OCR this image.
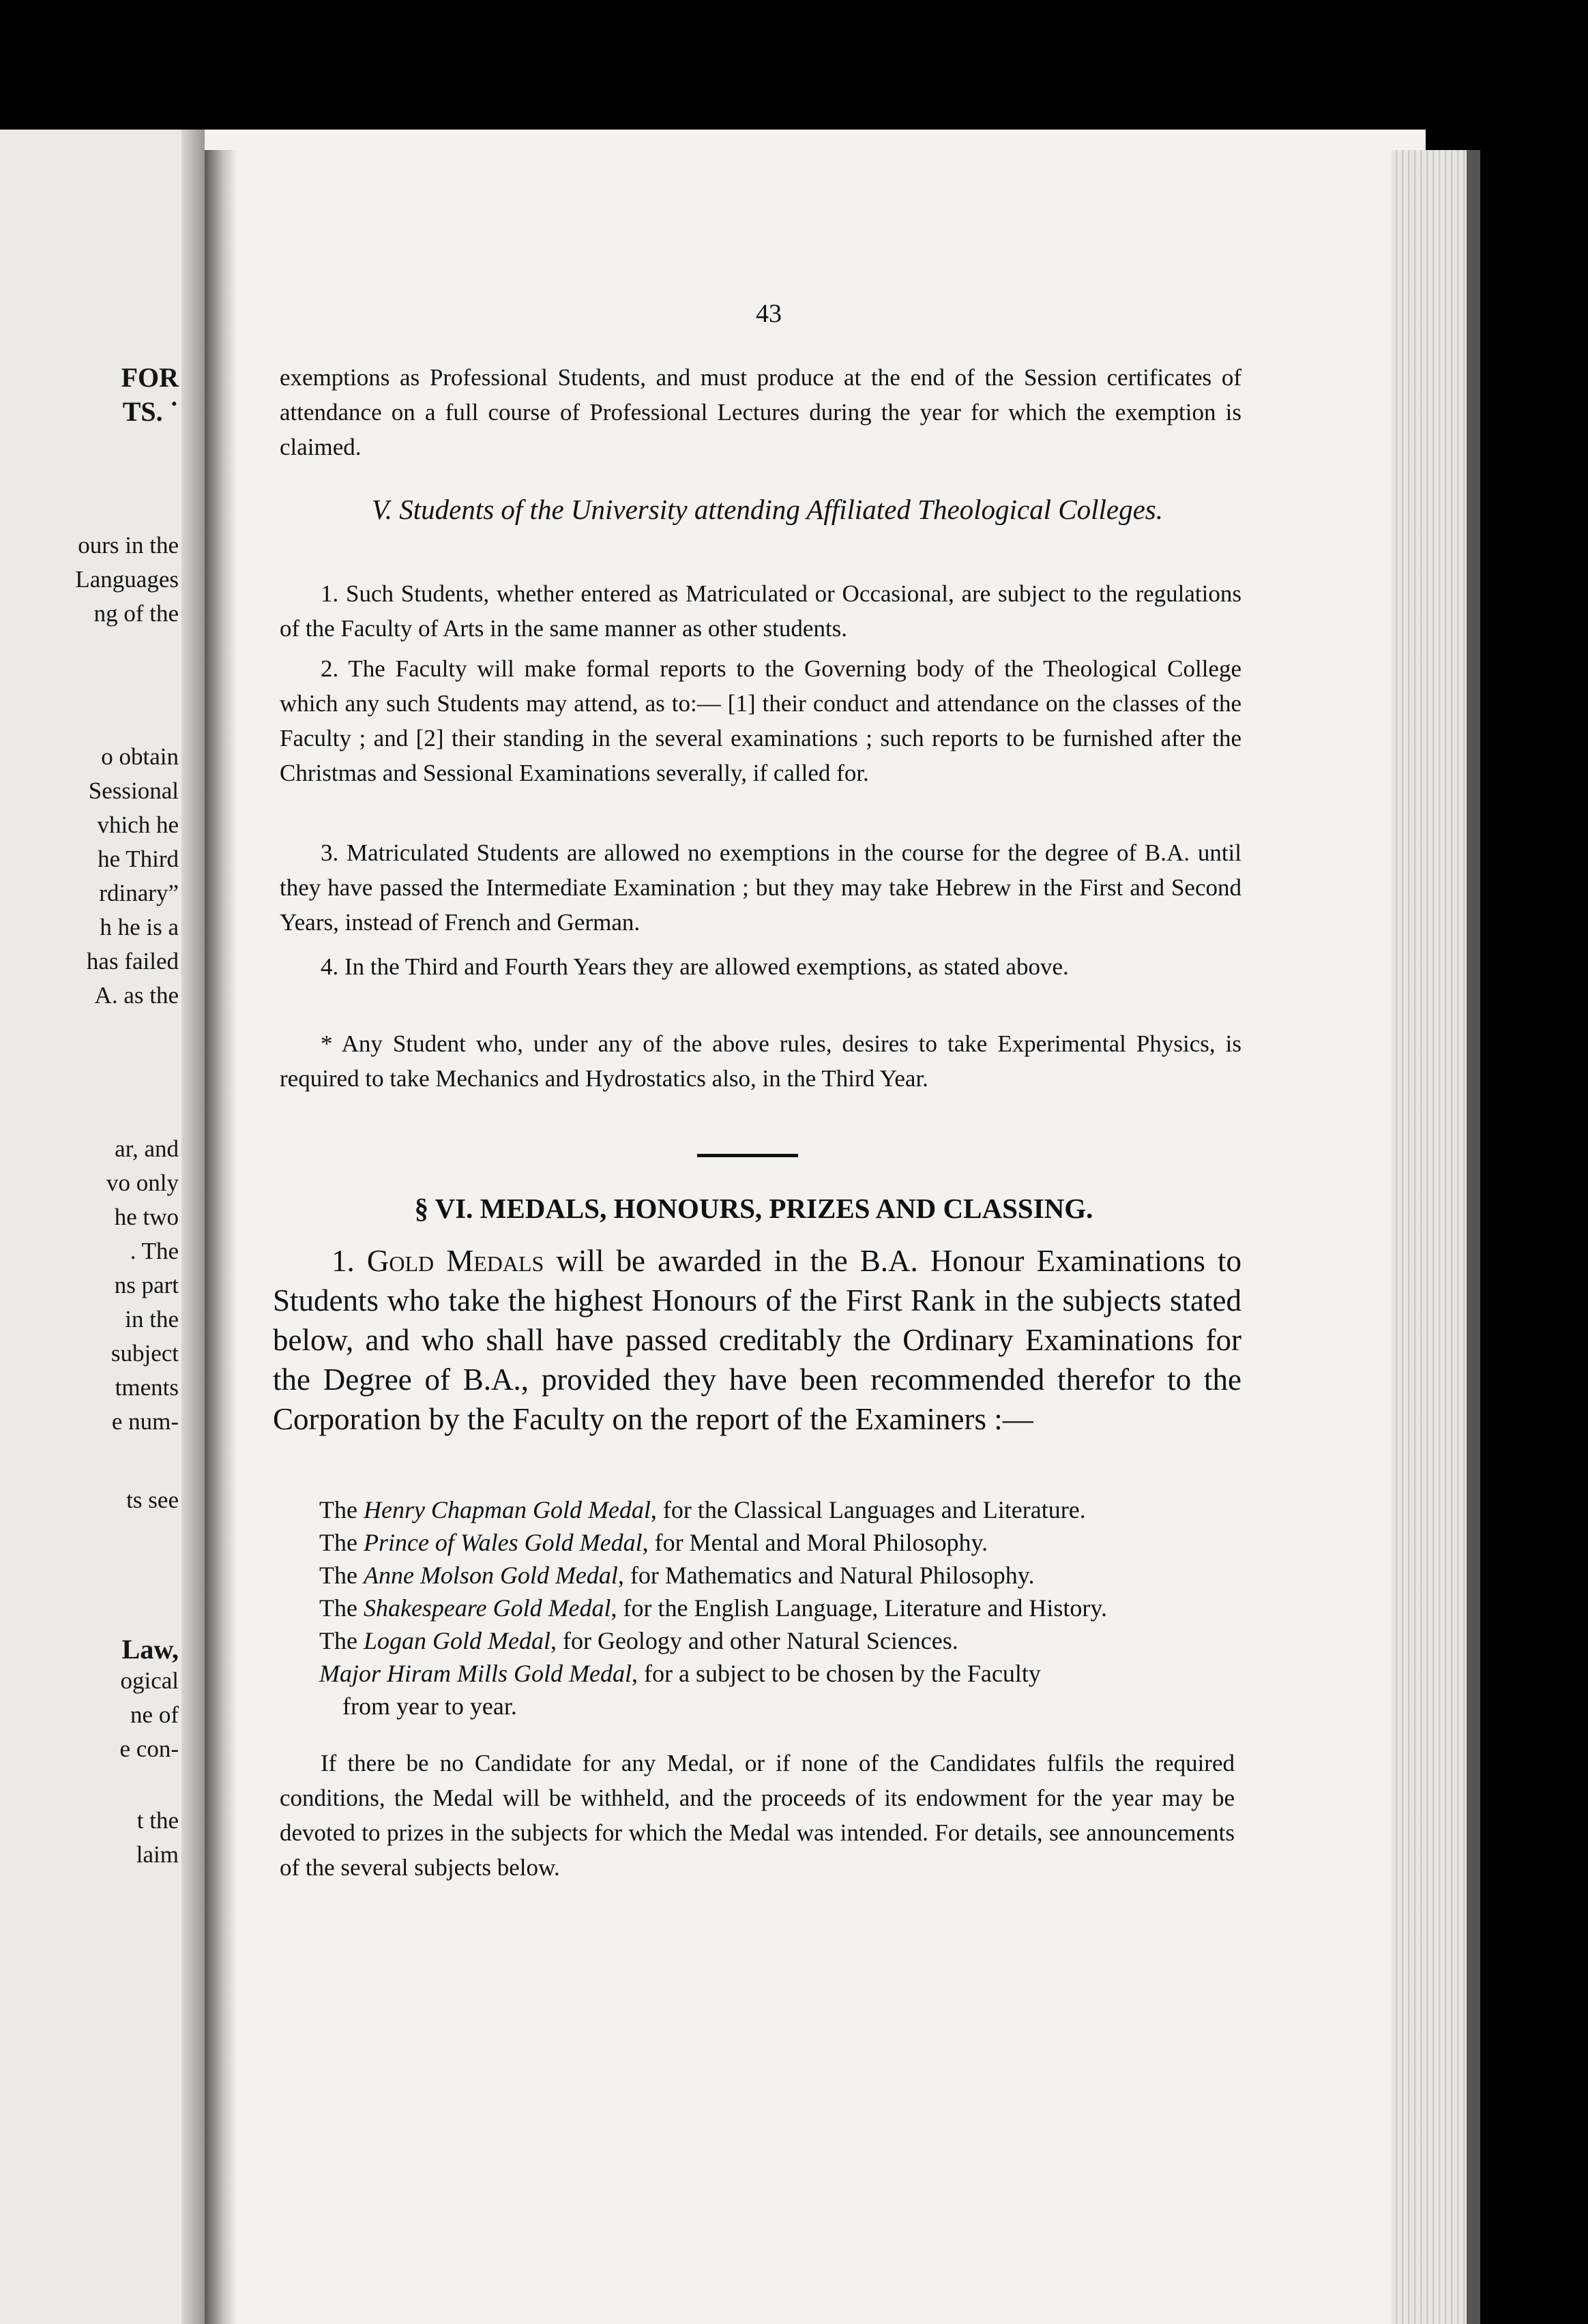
FOR
TS. ˙
ours in the
Languages
ng of the
o obtain
Sessional
vhich he
he Third
rdinary”
h he is a
has failed
A. as the
ar, and
vo only
he two
. The
ns part
in the
subject
tments
e num-
ts see
Law,
ogical
ne of
e con-
t the
laim
43

exemptions as Professional Students, and must produce at the end of the Session certificates of attendance on a full course of Professional Lectures during the year for which the exemption is claimed.

V. Students of the University attending Affiliated Theological Colleges.

1. Such Students, whether entered as Matriculated or Occasional, are subject to the regulations of the Faculty of Arts in the same manner as other students.

2. The Faculty will make formal reports to the Governing body of the Theological College which any such Students may attend, as to:— [1] their conduct and attendance on the classes of the Faculty ; and [2] their standing in the several examinations ; such reports to be furnished after the Christmas and Sessional Examinations severally, if called for.

3. Matriculated Students are allowed no exemptions in the course for the degree of B.A. until they have passed the Intermediate Examination ; but they may take Hebrew in the First and Second Years, instead of French and German.

4. In the Third and Fourth Years they are allowed exemptions, as stated above.

* Any Student who, under any of the above rules, desires to take Experimental Physics, is required to take Mechanics and Hydrostatics also, in the Third Year.

§ VI. MEDALS, HONOURS, PRIZES AND CLASSING.

1. Gold Medals will be awarded in the B.A. Honour Examinations to Students who take the highest Honours of the First Rank in the subjects stated below, and who shall have passed creditably the Ordinary Examinations for the Degree of B.A., provided they have been recommended therefor to the Corporation by the Faculty on the report of the Examiners :—

The Henry Chapman Gold Medal, for the Classical Languages and Literature.
The Prince of Wales Gold Medal, for Mental and Moral Philosophy.
The Anne Molson Gold Medal, for Mathematics and Natural Philosophy.
The Shakespeare Gold Medal, for the English Language, Literature and History.
The Logan Gold Medal, for Geology and other Natural Sciences.
Major Hiram Mills Gold Medal, for a subject to be chosen by the Faculty
from year to year.

If there be no Candidate for any Medal, or if none of the Candidates fulfils the required conditions, the Medal will be withheld, and the proceeds of its endowment for the year may be devoted to prizes in the subjects for which the Medal was intended. For details, see announcements of the several subjects below.
